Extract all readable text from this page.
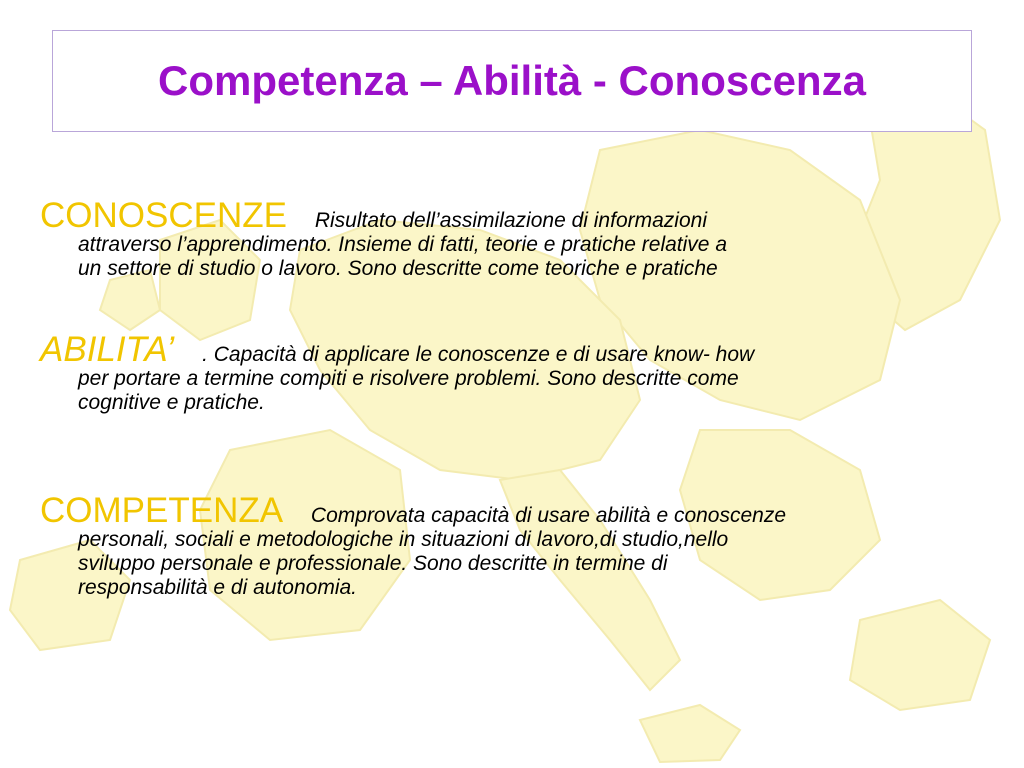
Competenza – Abilità - Conoscenza
CONOSCENZE Risultato dell’assimilazione di informazioni
attraverso l’apprendimento. Insieme di fatti, teorie e pratiche relative a
un settore di studio o lavoro. Sono descritte come teoriche e pratiche
ABILITA’ . Capacità di applicare le conoscenze e di usare know- how
per portare a termine compiti e risolvere problemi. Sono descritte come
cognitive e pratiche.
COMPETENZA Comprovata capacità di usare abilità e conoscenze
personali, sociali e metodologiche in situazioni di lavoro,di studio,nello
sviluppo personale e professionale. Sono descritte in termine di
responsabilità e di autonomia.
